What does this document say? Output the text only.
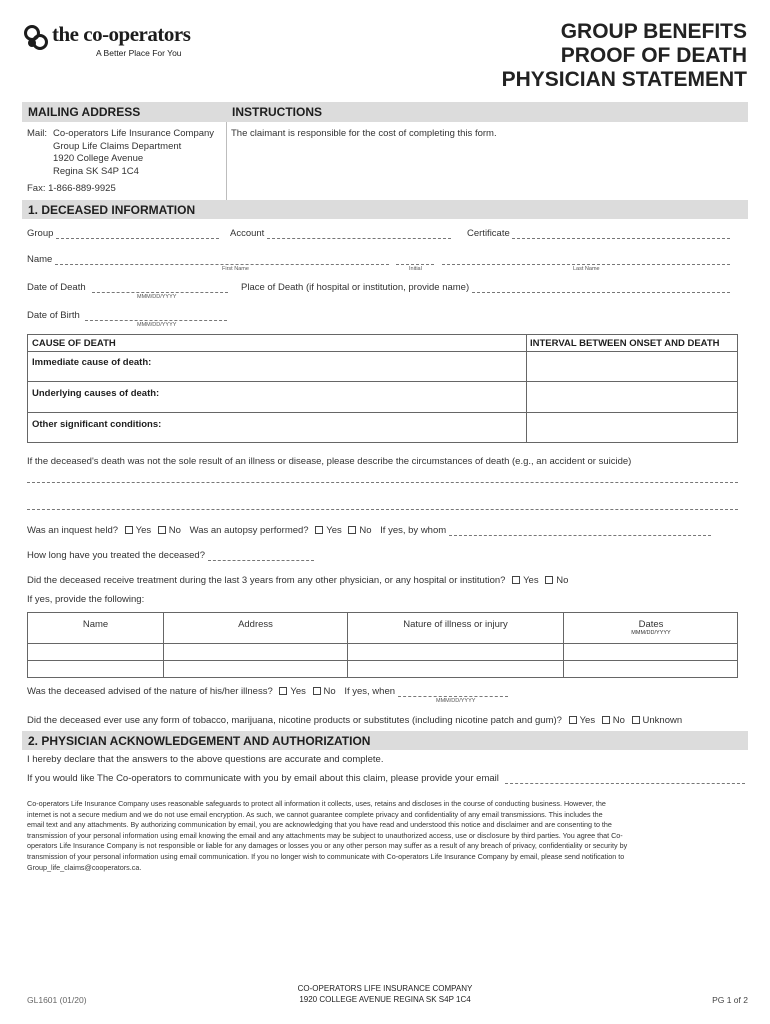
the co-operators
A Better Place For You
GROUP BENEFITS
PROOF OF DEATH
PHYSICIAN STATEMENT
MAILING ADDRESS	INSTRUCTIONS
Mail: Co-operators Life Insurance Company
Group Life Claims Department
1920 College Avenue
Regina SK S4P 1C4
Fax: 1-866-889-9925
The claimant is responsible for the cost of completing this form.
1. DECEASED INFORMATION
Group	Account	Certificate
Name
First Name	Initial	Last Name
Date of Death
MMM/DD/YYYY
Place of Death (if hospital or institution, provide name)
Date of Birth
MMM/DD/YYYY
CAUSE OF DEATH	INTERVAL BETWEEN ONSET AND DEATH
Immediate cause of death:
Underlying causes of death:
Other significant conditions:
If the deceased's death was not the sole result of an illness or disease, please describe the circumstances of death (e.g., an accident or suicide)
Was an inquest held? Yes No Was an autopsy performed? Yes No If yes, by whom
How long have you treated the deceased?
Did the deceased receive treatment during the last 3 years from any other physician, or any hospital or institution? Yes No
If yes, provide the following:
Name	Address	Nature of illness or injury	Dates
MMM/DD/YYYY
Was the deceased advised of the nature of his/her illness? Yes No If yes, when
MMM/DD/YYYY
Did the deceased ever use any form of tobacco, marijuana, nicotine products or substitutes (including nicotine patch and gum)? Yes No Unknown
2. PHYSICIAN ACKNOWLEDGEMENT AND AUTHORIZATION
I hereby declare that the answers to the above questions are accurate and complete.
If you would like The Co-operators to communicate with you by email about this claim, please provide your email
Co-operators Life Insurance Company uses reasonable safeguards to protect all information it collects, uses, retains and discloses in the course of conducting business. However, the
internet is not a secure medium and we do not use email encryption. As such, we cannot guarantee complete privacy and confidentiality of any email transmissions. This includes the
email text and any attachments. By authorizing communication by email, you are acknowledging that you have read and understood this notice and disclaimer and are consenting to the
transmission of your personal information using email knowing the email and any attachments may be subject to unauthorized access, use or disclosure by third parties. You agree that Co-
operators Life Insurance Company is not responsible or liable for any damages or losses you or any other person may suffer as a result of any breach of privacy, confidentiality or security by
transmission of your personal information using email communication. If you no longer wish to communicate with Co-operators Life Insurance Company by email, please send notification to
Group_life_claims@cooperators.ca.
GL1601 (01/20)
CO-OPERATORS LIFE INSURANCE COMPANY
1920 COLLEGE AVENUE REGINA SK S4P 1C4	PG 1 of 2
